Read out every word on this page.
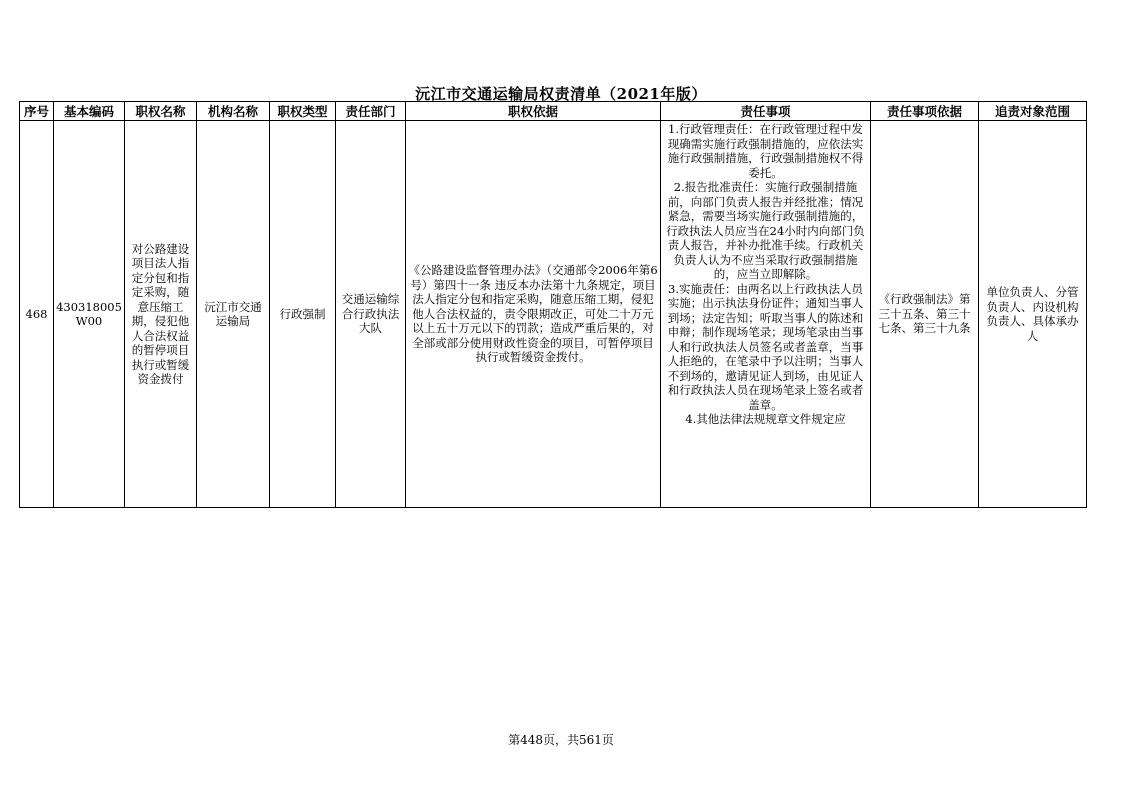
沅江市交通运输局权责清单（2021年版）
序号	基本编码	职权名称	机构名称	职权类型	责任部门	职权依据	责任事项	责任事项依据	追责对象范围
468	430318005W00	对公路建设项目法人指定分包和指定采购，随意压缩工期，侵犯他人合法权益的暂停项目执行或暂缓资金拨付	沅江市交通运输局	行政强制	交通运输综合行政执法大队	《公路建设监督管理办法》（交通部令2006年第6号）第四十一条 违反本办法第十九条规定，项目法人指定分包和指定采购，随意压缩工期，侵犯他人合法权益的，责令限期改正，可处二十万元以上五十万元以下的罚款；造成严重后果的，对全部或部分使用财政性资金的项目，可暂停项目执行或暂缓资金拨付。	1.行政管理责任：在行政管理过程中发现确需实施行政强制措施的，应依法实施行政强制措施，行政强制措施权不得委托。

2.报告批准责任：实施行政强制措施前，向部门负责人报告并经批准；情况紧急，需要当场实施行政强制措施的，行政执法人员应当在24小时内向部门负责人报告，并补办批准手续。行政机关负责人认为不应当采取行政强制措施的，应当立即解除。

3.实施责任：由两名以上行政执法人员实施；出示执法身份证件；通知当事人到场；法定告知；听取当事人的陈述和申辩；制作现场笔录；现场笔录由当事人和行政执法人员签名或者盖章，当事人拒绝的，在笔录中予以注明；当事人不到场的，邀请见证人到场，由见证人和行政执法人员在现场笔录上签名或者盖章。

4.其他法律法规规章文件规定应	《行政强制法》第三十五条、第三十七条、第三十九条	单位负责人、分管负责人、内设机构负责人、具体承办人
第448页，共561页
